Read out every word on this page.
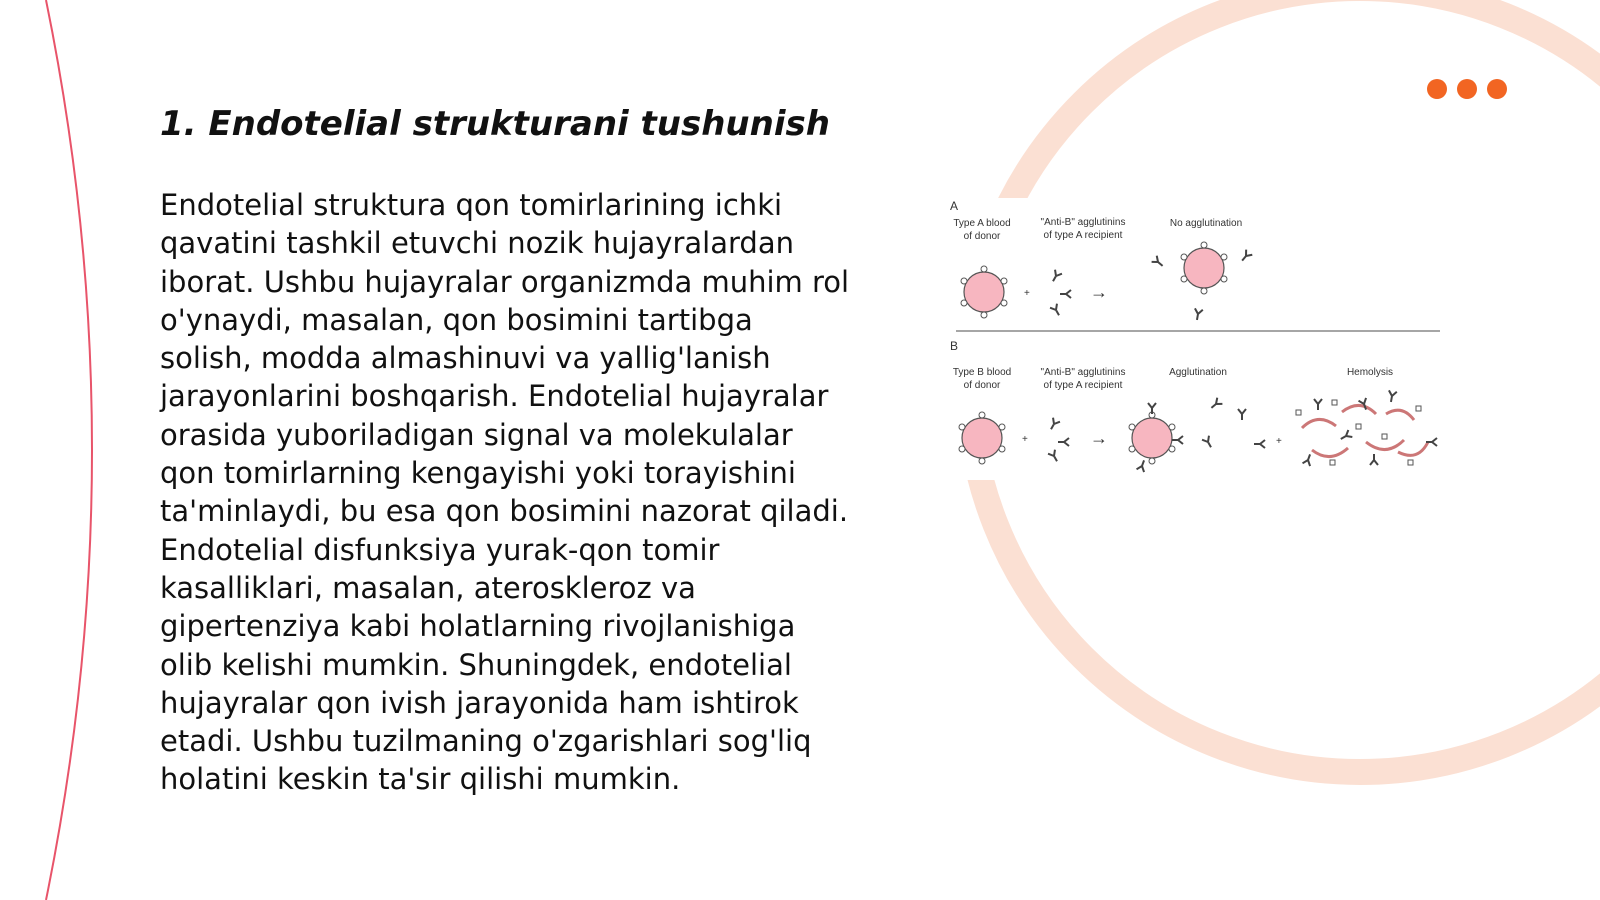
1. Endotelial strukturani tushunish

Endotelial struktura qon tomirlarining ichki qavatini tashkil etuvchi nozik hujayralardan iborat. Ushbu hujayralar organizmda muhim rol o'ynaydi, masalan, qon bosimini tartibga solish, modda almashinuvi va yallig'lanish jarayonlarini boshqarish. Endotelial hujayralar orasida yuboriladigan signal va molekulalar qon tomirlarning kengayishi yoki torayishini ta'minlaydi, bu esa qon bosimini nazorat qiladi. Endotelial disfunksiya yurak-qon tomir kasalliklari, masalan, ateroskleroz va gipertenziya kabi holatlarning rivojlanishiga olib kelishi mumkin. Shuningdek, endotelial hujayralar qon ivish jarayonida ham ishtirok etadi. Ushbu tuzilmaning o'zgarishlari sog'liq holatini keskin ta'sir qilishi mumkin.

A
Type A blood
of donor
"Anti-B" agglutinins
of type A recipient
No agglutination
+	→
B
Type B blood
of donor
"Anti-B" agglutinins
of type A recipient
Agglutination	Hemolysis
+	→	+
